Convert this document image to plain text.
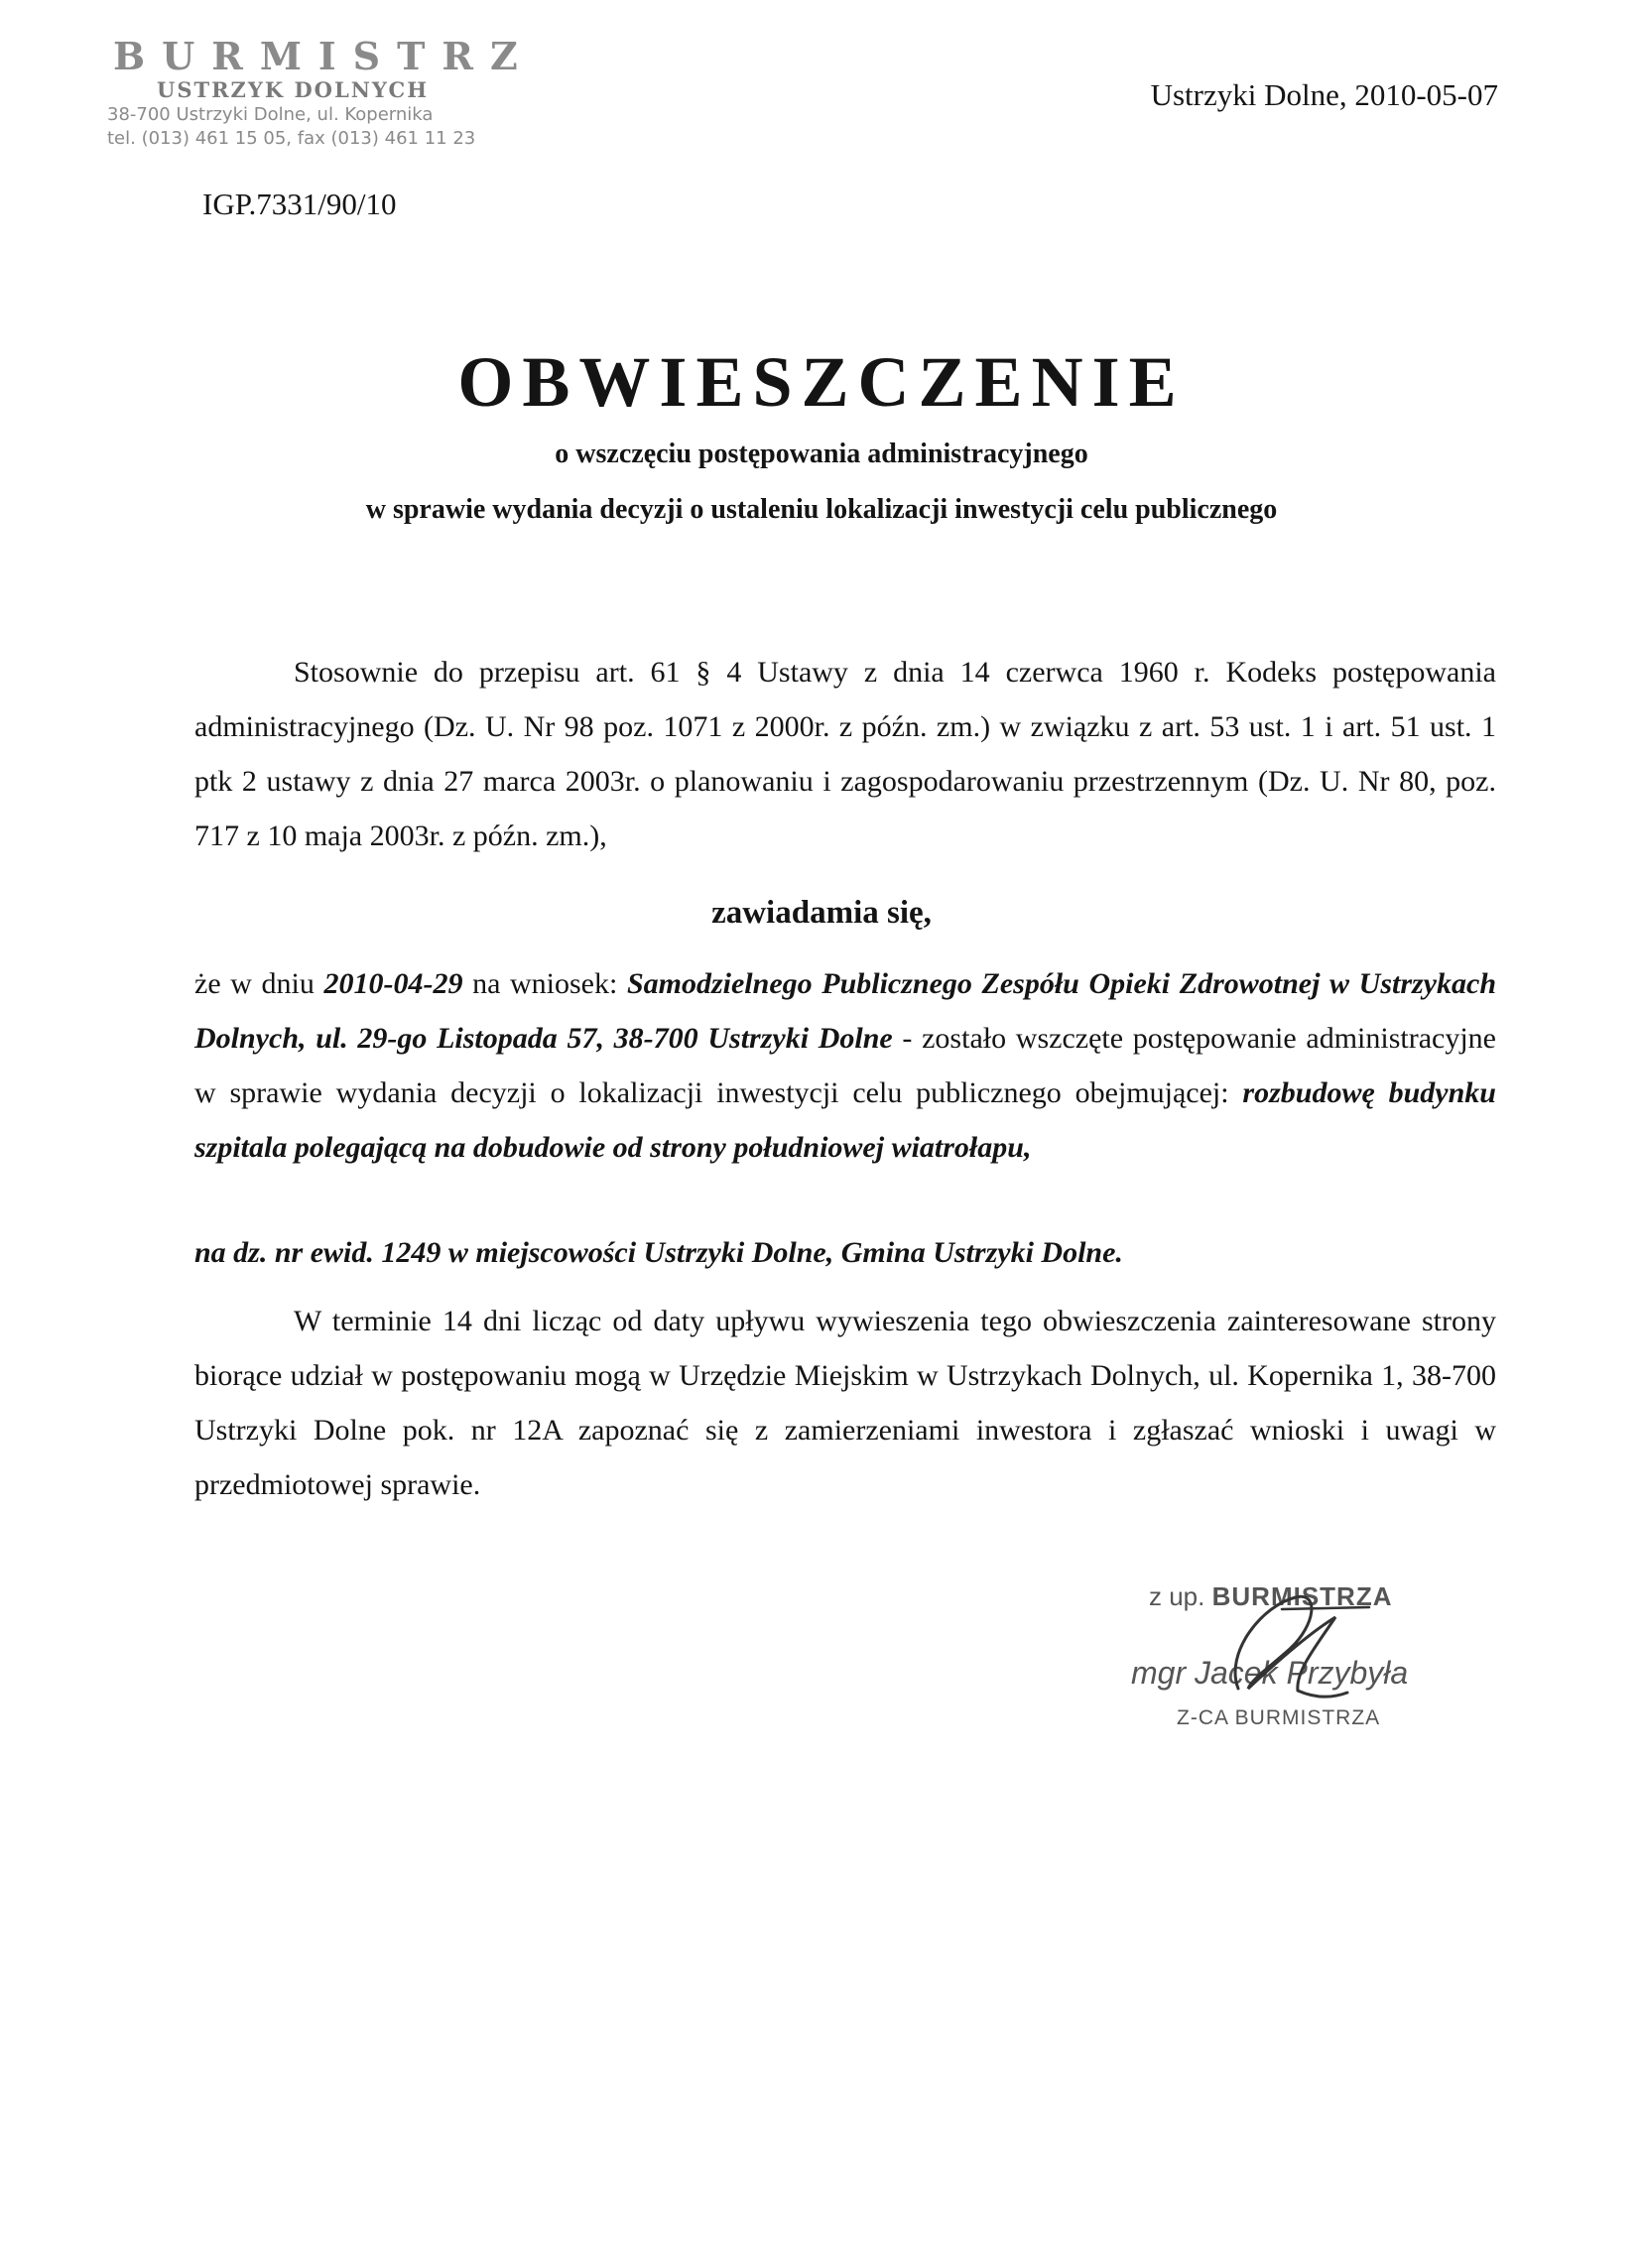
BURMISTRZ
USTRZYK DOLNYCH
38-700 Ustrzyki Dolne, ul. Kopernika
tel. (013) 461 15 05, fax (013) 461 11 23
Ustrzyki Dolne, 2010-05-07
IGP.7331/90/10
OBWIESZCZENIE
o wszczęciu postępowania administracyjnego
w sprawie wydania decyzji o ustaleniu lokalizacji inwestycji celu publicznego
Stosownie do przepisu art. 61 § 4 Ustawy z dnia 14 czerwca 1960 r. Kodeks postępowania administracyjnego (Dz. U. Nr 98 poz. 1071 z 2000r. z późn. zm.) w związku z art. 53 ust. 1 i art. 51 ust. 1 ptk 2 ustawy z dnia 27 marca 2003r. o planowaniu i zagospodarowaniu przestrzennym (Dz. U. Nr 80, poz. 717 z 10 maja 2003r. z późn. zm.),
zawiadamia się,
że w dniu 2010-04-29 na wniosek: Samodzielnego Publicznego Zespółu Opieki Zdrowotnej w Ustrzykach Dolnych, ul. 29-go Listopada 57, 38-700 Ustrzyki Dolne - zostało wszczęte postępowanie administracyjne w sprawie wydania decyzji o lokalizacji inwestycji celu publicznego obejmującej: rozbudowę budynku szpitala polegającą na dobudowie od strony południowej wiatrołapu,
na dz. nr ewid. 1249 w miejscowości Ustrzyki Dolne, Gmina Ustrzyki Dolne.
W terminie 14 dni licząc od daty upływu wywieszenia tego obwieszczenia zainteresowane strony biorące udział w postępowaniu mogą w Urzędzie Miejskim w Ustrzykach Dolnych, ul. Kopernika 1, 38-700 Ustrzyki Dolne pok. nr 12A zapoznać się z zamierzeniami inwestora i zgłaszać wnioski i uwagi w przedmiotowej sprawie.
z up. BURMISTRZA
mgr Jacek Przybyła
Z-CA BURMISTRZA
